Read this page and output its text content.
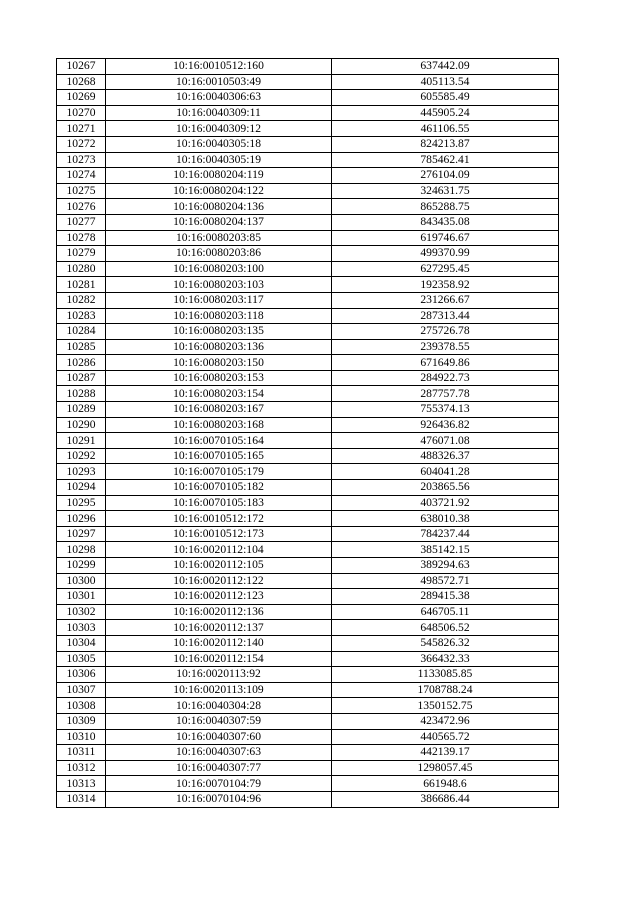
10267	10:16:0010512:160	637442.09
10268	10:16:0010503:49	405113.54
10269	10:16:0040306:63	605585.49
10270	10:16:0040309:11	445905.24
10271	10:16:0040309:12	461106.55
10272	10:16:0040305:18	824213.87
10273	10:16:0040305:19	785462.41
10274	10:16:0080204:119	276104.09
10275	10:16:0080204:122	324631.75
10276	10:16:0080204:136	865288.75
10277	10:16:0080204:137	843435.08
10278	10:16:0080203:85	619746.67
10279	10:16:0080203:86	499370.99
10280	10:16:0080203:100	627295.45
10281	10:16:0080203:103	192358.92
10282	10:16:0080203:117	231266.67
10283	10:16:0080203:118	287313.44
10284	10:16:0080203:135	275726.78
10285	10:16:0080203:136	239378.55
10286	10:16:0080203:150	671649.86
10287	10:16:0080203:153	284922.73
10288	10:16:0080203:154	287757.78
10289	10:16:0080203:167	755374.13
10290	10:16:0080203:168	926436.82
10291	10:16:0070105:164	476071.08
10292	10:16:0070105:165	488326.37
10293	10:16:0070105:179	604041.28
10294	10:16:0070105:182	203865.56
10295	10:16:0070105:183	403721.92
10296	10:16:0010512:172	638010.38
10297	10:16:0010512:173	784237.44
10298	10:16:0020112:104	385142.15
10299	10:16:0020112:105	389294.63
10300	10:16:0020112:122	498572.71
10301	10:16:0020112:123	289415.38
10302	10:16:0020112:136	646705.11
10303	10:16:0020112:137	648506.52
10304	10:16:0020112:140	545826.32
10305	10:16:0020112:154	366432.33
10306	10:16:0020113:92	1133085.85
10307	10:16:0020113:109	1708788.24
10308	10:16:0040304:28	1350152.75
10309	10:16:0040307:59	423472.96
10310	10:16:0040307:60	440565.72
10311	10:16:0040307:63	442139.17
10312	10:16:0040307:77	1298057.45
10313	10:16:0070104:79	661948.6
10314	10:16:0070104:96	386686.44
